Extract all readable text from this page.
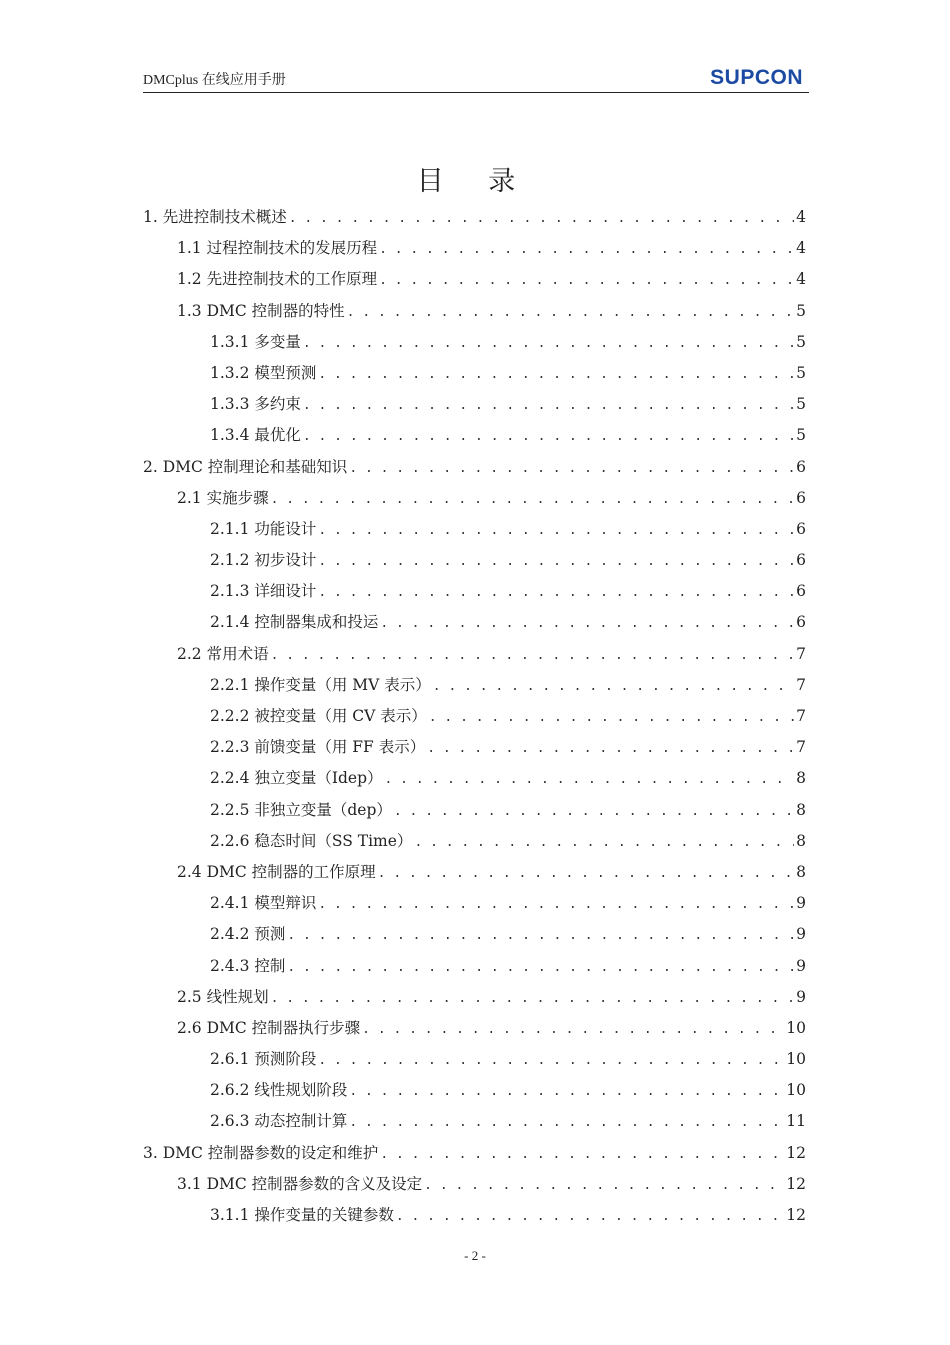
DMCplus 在线应用手册	SUPCON
目 录
1. 先进控制技术概述 . . .	4
1.1 过程控制技术的发展历程 . . .	4
1.2 先进控制技术的工作原理 . . .	4
1.3 DMC 控制器的特性 . . .	5
1.3.1 多变量 . . .	5
1.3.2 模型预测 . . .	5
1.3.3 多约束 . . .	5
1.3.4 最优化 . . .	5
2. DMC 控制理论和基础知识 . . .	6
2.1 实施步骤 . . .	6
2.1.1 功能设计 . . .	6
2.1.2 初步设计 . . .	6
2.1.3 详细设计 . . .	6
2.1.4 控制器集成和投运 . . .	6
2.2 常用术语 . . .	7
2.2.1 操作变量（用 MV 表示） . . .	7
2.2.2 被控变量（用 CV 表示） . . .	7
2.2.3 前馈变量（用 FF 表示） . . .	7
2.2.4 独立变量（Idep） . . .	8
2.2.5 非独立变量（dep） . . .	8
2.2.6 稳态时间（SS Time） . . .	8
2.4 DMC 控制器的工作原理 . . .	8
2.4.1 模型辩识 . . .	9
2.4.2 预测 . . .	9
2.4.3 控制 . . .	9
2.5 线性规划 . . .	9
2.6 DMC 控制器执行步骤 . . .	10
2.6.1 预测阶段 . . .	10
2.6.2 线性规划阶段 . . .	10
2.6.3 动态控制计算 . . .	11
3. DMC 控制器参数的设定和维护 . . .	12
3.1 DMC 控制器参数的含义及设定 . . .	12
3.1.1 操作变量的关键参数 . . .	12
- 2 -
